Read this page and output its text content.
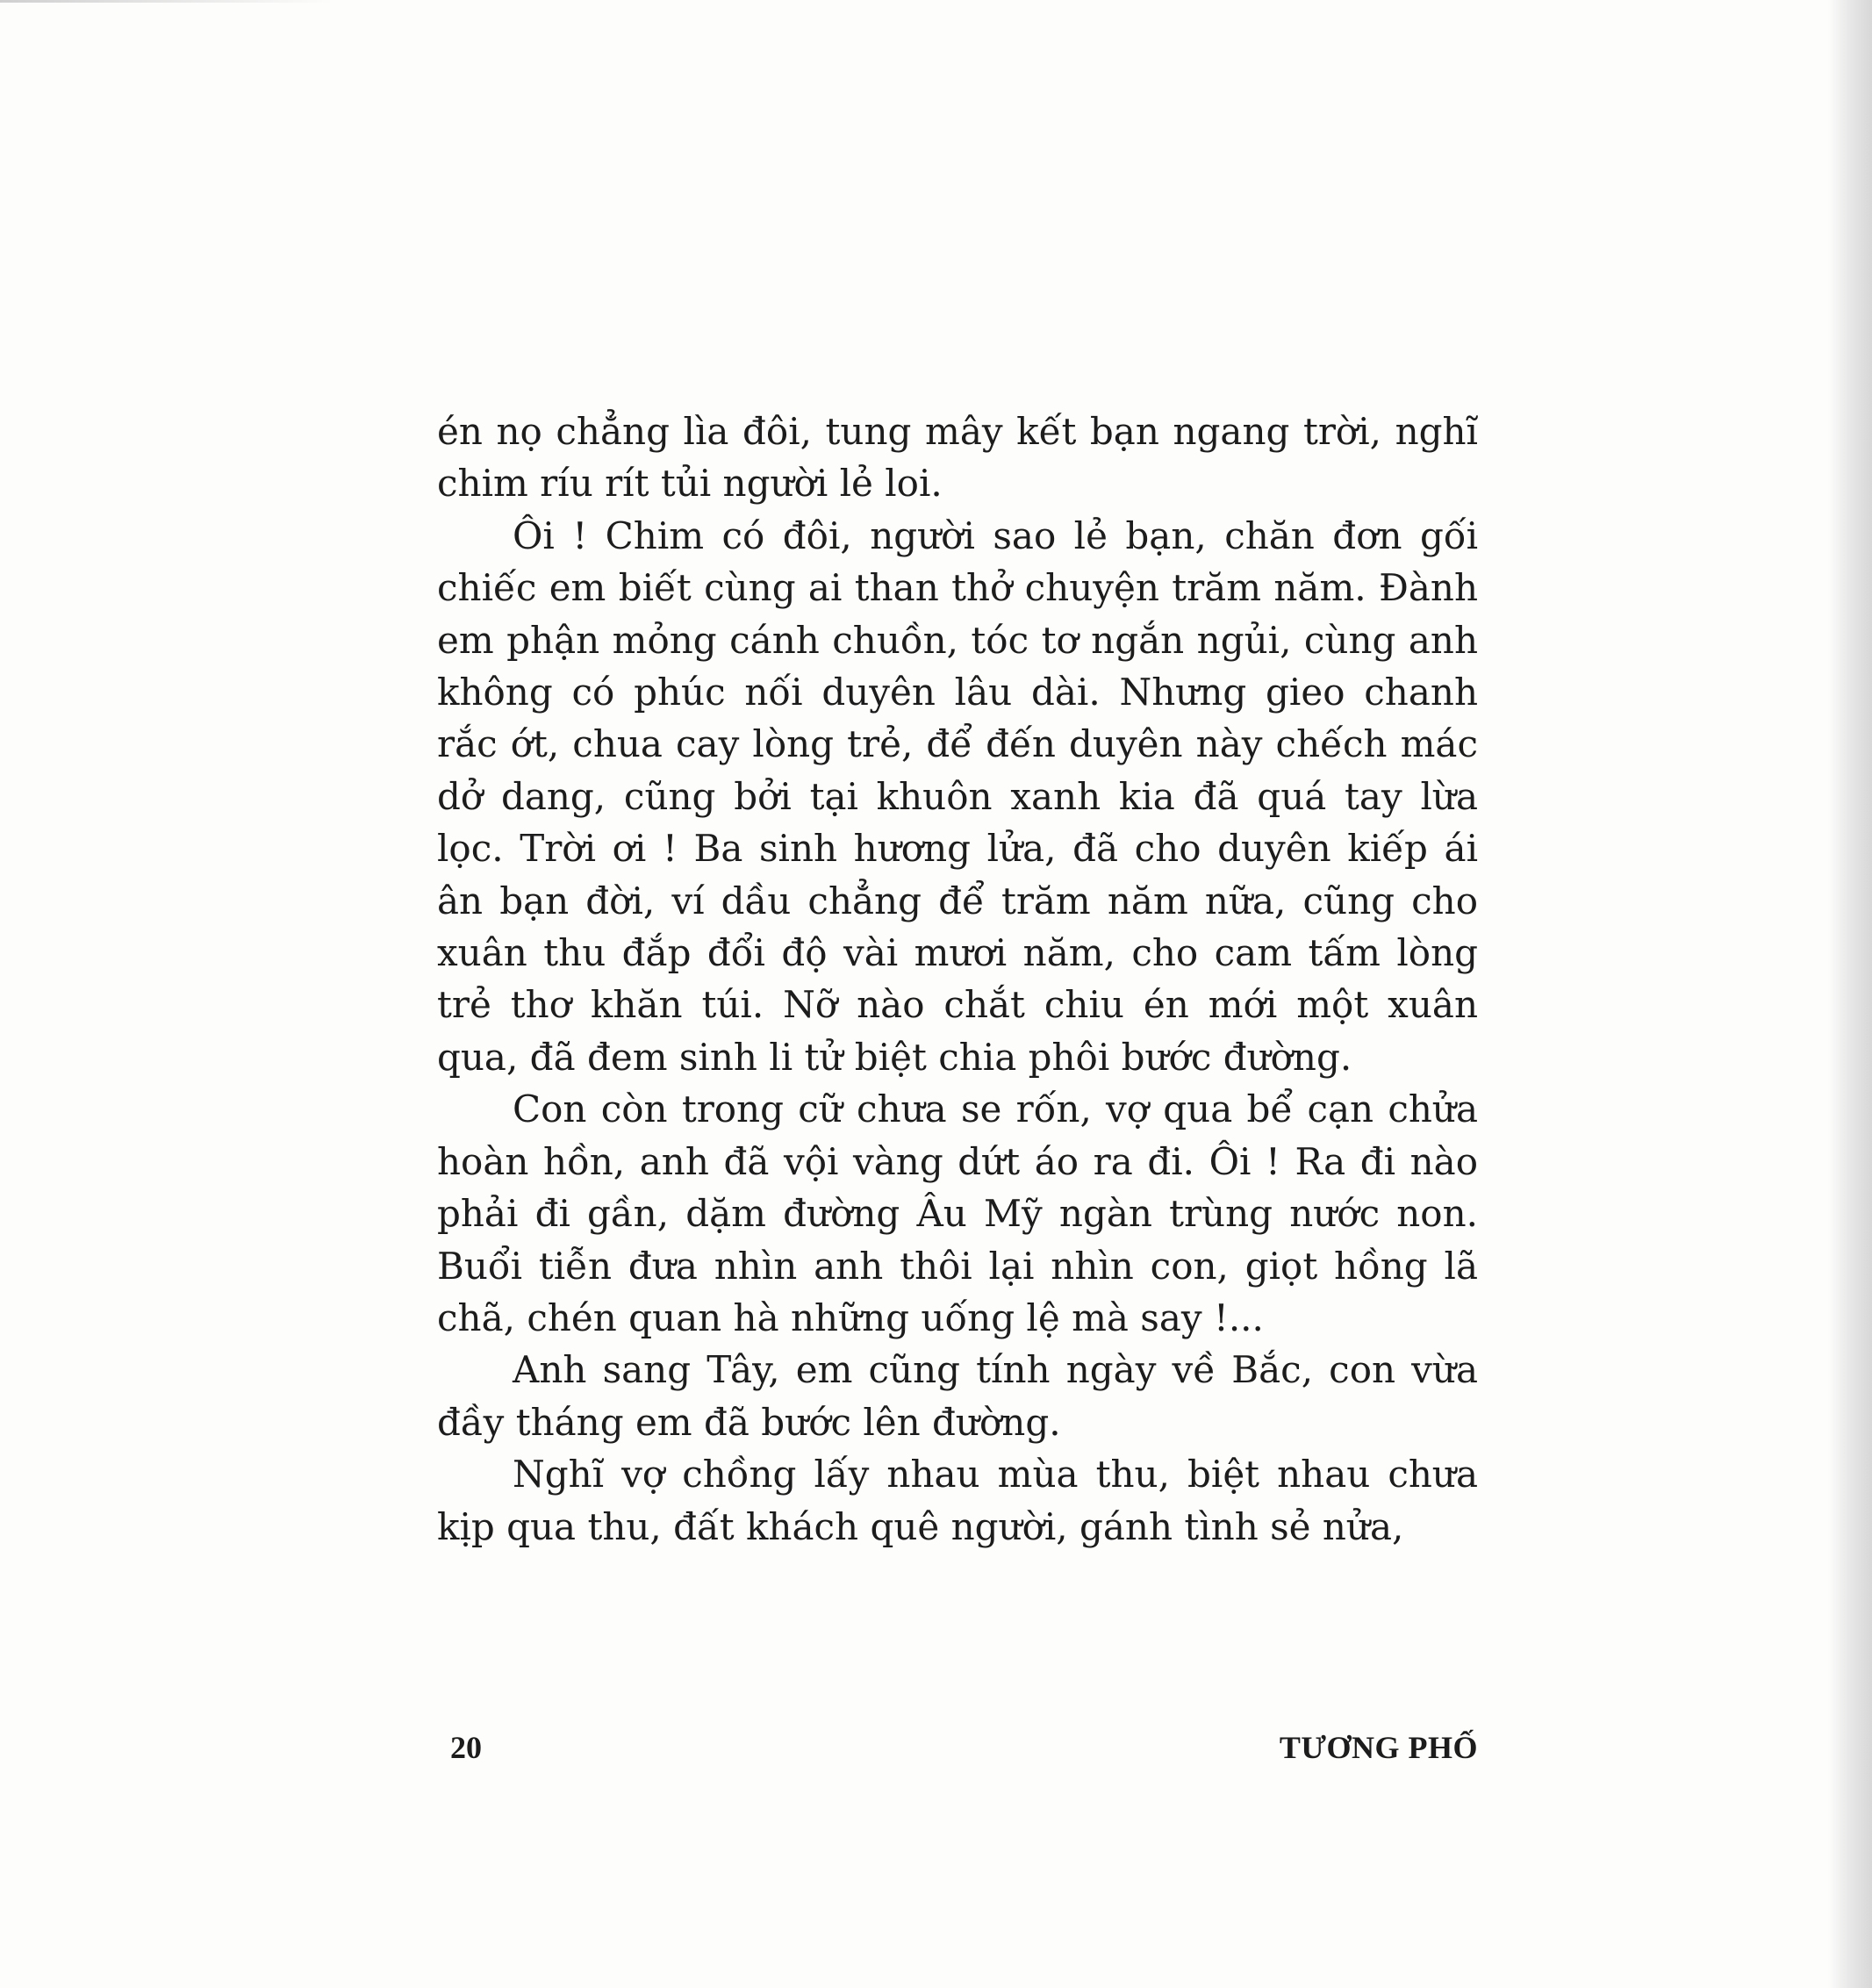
én nọ chẳng lìa đôi, tung mây kết bạn ngang trời, nghĩ chim ríu rít tủi người lẻ loi.

Ôi ! Chim có đôi, người sao lẻ bạn, chăn đơn gối chiếc em biết cùng ai than thở chuyện trăm năm. Đành em phận mỏng cánh chuồn, tóc tơ ngắn ngủi, cùng anh không có phúc nối duyên lâu dài. Nhưng gieo chanh rắc ớt, chua cay lòng trẻ, để đến duyên này chếch mác dở dang, cũng bởi tại khuôn xanh kia đã quá tay lừa lọc. Trời ơi ! Ba sinh hương lửa, đã cho duyên kiếp ái ân bạn đời, ví dầu chẳng để trăm năm nữa, cũng cho xuân thu đắp đổi độ vài mươi năm, cho cam tấm lòng trẻ thơ khăn túi. Nỡ nào chắt chiu én mới một xuân qua, đã đem sinh li tử biệt chia phôi bước đường.

Con còn trong cữ chưa se rốn, vợ qua bể cạn chửa hoàn hồn, anh đã vội vàng dứt áo ra đi. Ôi ! Ra đi nào phải đi gần, dặm đường Âu Mỹ ngàn trùng nước non. Buổi tiễn đưa nhìn anh thôi lại nhìn con, giọt hồng lã chã, chén quan hà những uống lệ mà say !...

Anh sang Tây, em cũng tính ngày về Bắc, con vừa đầy tháng em đã bước lên đường.

Nghĩ vợ chồng lấy nhau mùa thu, biệt nhau chưa kịp qua thu, đất khách quê người, gánh tình sẻ nửa,

20	TƯƠNG PHỐ
